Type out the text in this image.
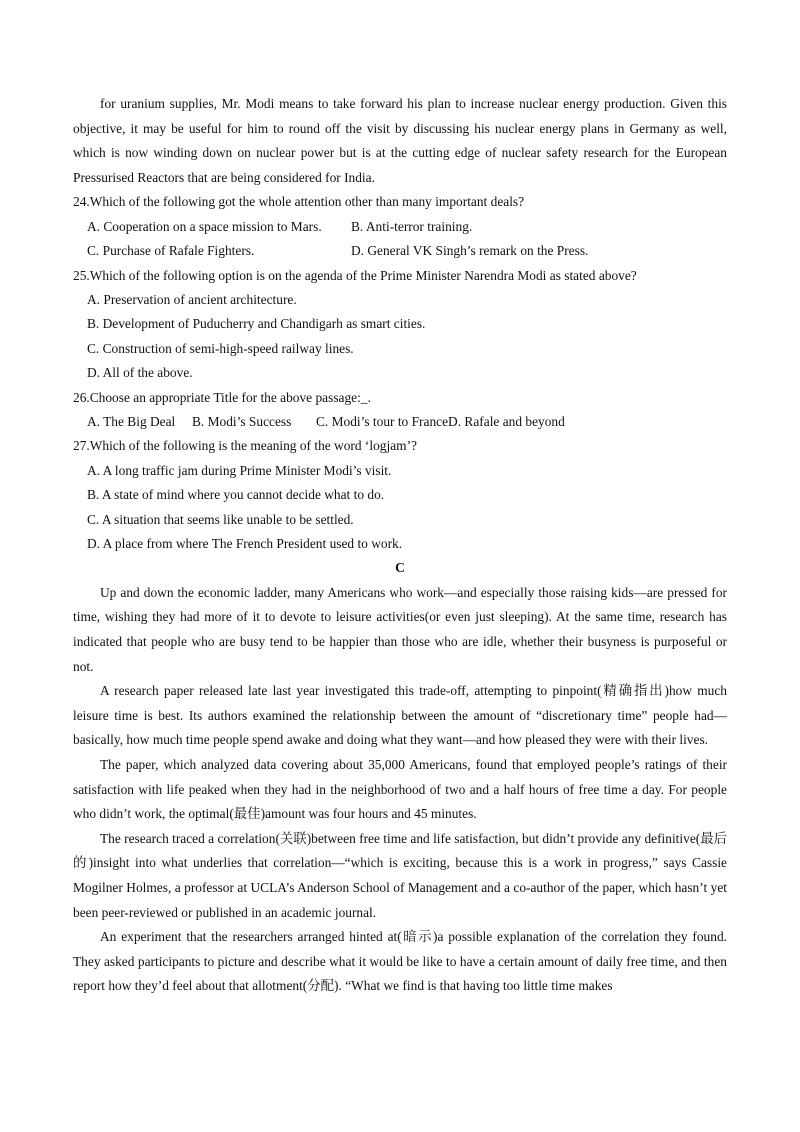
for uranium supplies, Mr. Modi means to take forward his plan to increase nuclear energy production. Given this objective, it may be useful for him to round off the visit by discussing his nuclear energy plans in Germany as well, which is now winding down on nuclear power but is at the cutting edge of nuclear safety research for the European Pressurised Reactors that are being considered for India.

24.Which of the following got the whole attention other than many important deals?

A. Cooperation on a space mission to Mars.	B. Anti-terror training.
C. Purchase of Rafale Fighters.	D. General VK Singh’s remark on the Press.

25.Which of the following option is on the agenda of the Prime Minister Narendra Modi as stated above?

A. Preservation of ancient architecture.

B. Development of Puducherry and Chandigarh as smart cities.

C. Construction of semi-high-speed railway lines.

D. All of the above.

26.Choose an appropriate Title for the above passage:_.

A. The Big Deal	B. Modi’s Success	C. Modi’s tour to France D. Rafale and beyond

27.Which of the following is the meaning of the word ‘logjam’?

A. A long traffic jam during Prime Minister Modi’s visit.

B. A state of mind where you cannot decide what to do.

C. A situation that seems like unable to be settled.

D. A place from where The French President used to work.

C

Up and down the economic ladder, many Americans who work—and especially those raising kids—are pressed for time, wishing they had more of it to devote to leisure activities(or even just sleeping). At the same time, research has indicated that people who are busy tend to be happier than those who are idle, whether their busyness is purposeful or not.

A research paper released late last year investigated this trade-off, attempting to pinpoint(精确指出)how much leisure time is best. Its authors examined the relationship between the amount of “discretionary time” people had—basically, how much time people spend awake and doing what they want—and how pleased they were with their lives.

The paper, which analyzed data covering about 35,000 Americans, found that employed people’s ratings of their satisfaction with life peaked when they had in the neighborhood of two and a half hours of free time a day. For people who didn’t work, the optimal(最佳)amount was four hours and 45 minutes.

The research traced a correlation(关联)between free time and life satisfaction, but didn’t provide any definitive(最后的)insight into what underlies that correlation—“which is exciting, because this is a work in progress,” says Cassie Mogilner Holmes, a professor at UCLA’s Anderson School of Management and a co-author of the paper, which hasn’t yet been peer-reviewed or published in an academic journal.

An experiment that the researchers arranged hinted at(暗示)a possible explanation of the correlation they found. They asked participants to picture and describe what it would be like to have a certain amount of daily free time, and then report how they’d feel about that allotment(分配). “What we find is that having too little time makes
